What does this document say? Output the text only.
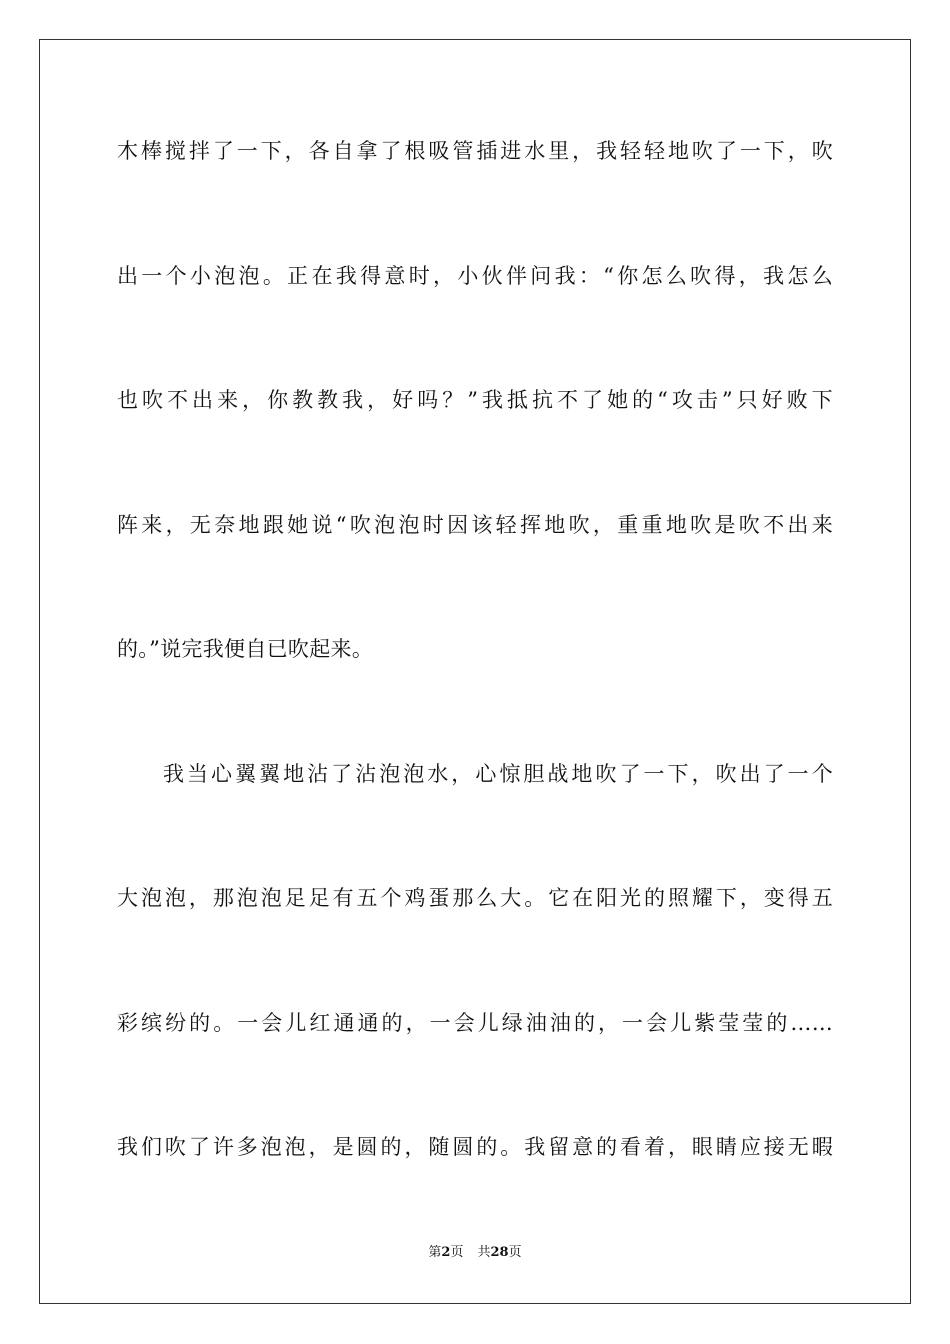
木棒搅拌了一下，各自拿了根吸管插进水里，我轻轻地吹了一下，吹
出一个小泡泡。正在我得意时，小伙伴问我：“你怎么吹得，我怎么
也吹不出来，你教教我，好吗？”我抵抗不了她的“攻击”只好败下
阵来，无奈地跟她说“吹泡泡时因该轻挥地吹，重重地吹是吹不出来
的。”说完我便自已吹起来。
我当心翼翼地沾了沾泡泡水，心惊胆战地吹了一下，吹出了一个
大泡泡，那泡泡足足有五个鸡蛋那么大。它在阳光的照耀下，变得五
彩缤纷的。一会儿红通通的，一会儿绿油油的，一会儿紫莹莹的……
我们吹了许多泡泡，是圆的，随圆的。我留意的看着，眼睛应接无暇
第2页 共28页
